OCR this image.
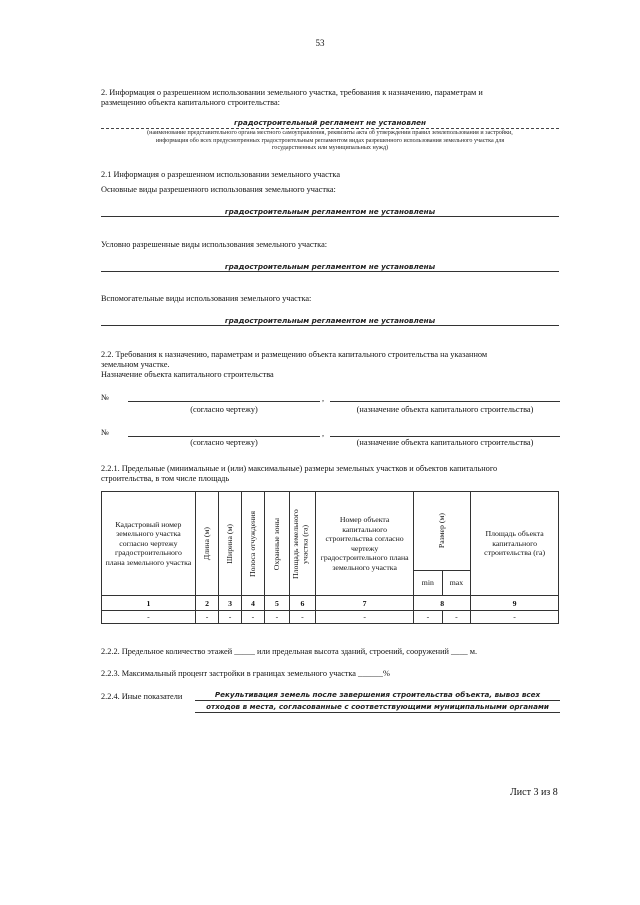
53
2. Информация о разрешенном использовании земельного участка, требования к назначению, параметрам и
размещению объекта капитального строительства:
градостроительный регламент не установлен
(наименование представительного органа местного самоуправления, реквизиты акта об утверждении правил землепользования и застройки,
информация обо всех предусмотренных градостроительным регламентом видах разрешенного использования земельного участка для
государственных или муниципальных нужд)
2.1 Информация о разрешенном использовании земельного участка
Основные виды разрешенного использования земельного участка:
градостроительным регламентом не установлены
Условно разрешенные виды использования земельного участка:
градостроительным регламентом не установлены
Вспомогательные виды использования земельного участка:
градостроительным регламентом не установлены
2.2. Требования к назначению, параметрам и размещению объекта капитального строительства на указанном
земельном участке.
Назначение объекта капитального строительства
№	,
(согласно чертежу)	(назначение объекта капитального строительства)
№	,
(согласно чертежу)	(назначение объекта капитального строительства)
2.2.1. Предельные (минимальные и (или) максимальные) размеры земельных участков и объектов капитального
строительства, в том числе площадь
Кадастровый номер земельного участка согласно чертежу градостроительного плана земельного участка	Длина (м)	Ширина (м)	Полоса отчуждения	Охранные зоны	Площадь земельного участка (га)	Номер объекта капитального строительства согласно чертежу градостроительного плана земельного участка	Размер (м)		Площадь объекта капитального строительства (га)

							min	max	
1	2	3	4	5	6	7	8		9
-	-	-	-	-	-	-	-	-	-
2.2.2. Предельное количество этажей _____ или предельная высота зданий, строений, сооружений ____ м.
2.2.3. Максимальный процент застройки в границах земельного участка ______%
2.2.4. Иные показатели	Рекультивация земель после завершения строительства объекта, вывоз всех
отходов в места, согласованные с соответствующими муниципальными органами
Лист 3 из 8
